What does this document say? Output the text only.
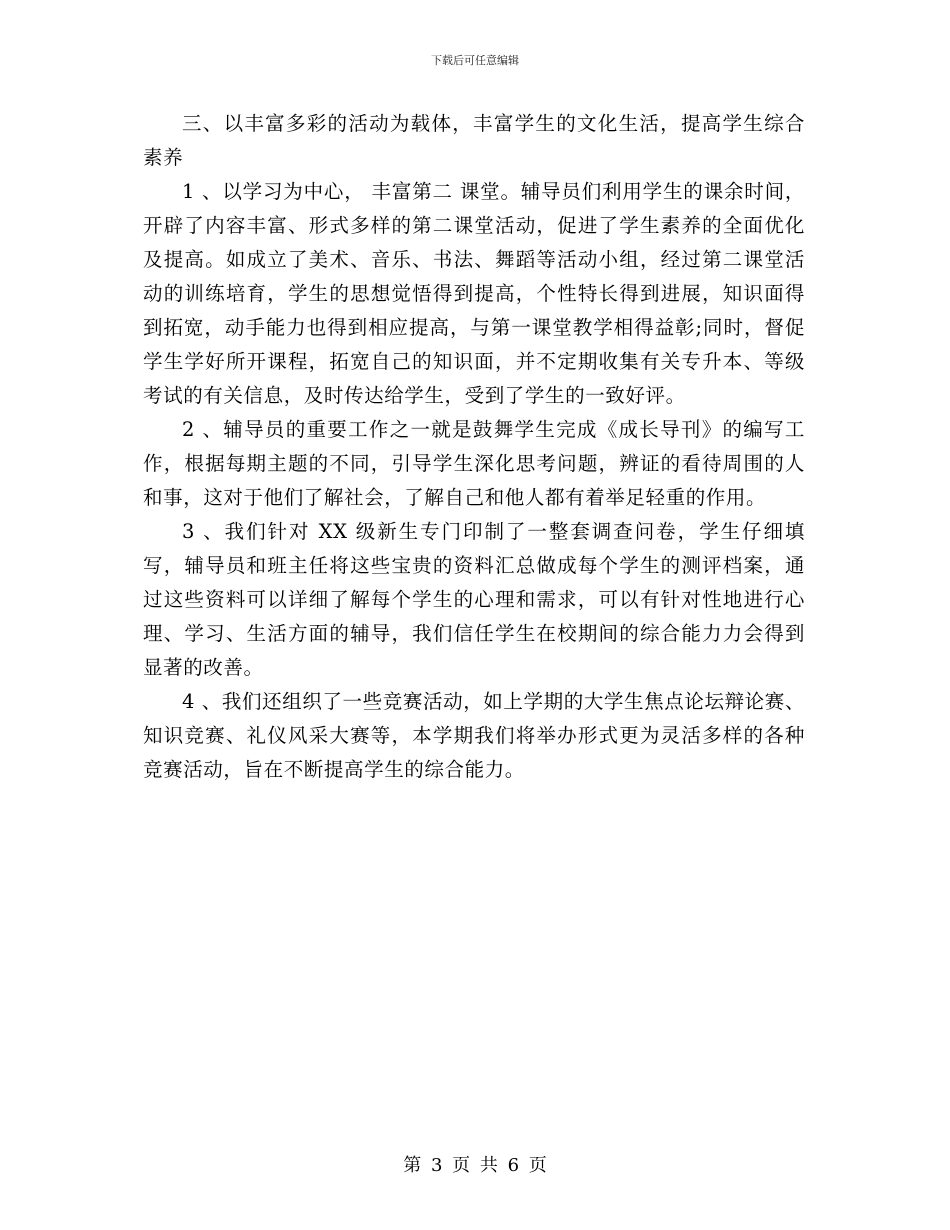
下载后可任意编辑

三、以丰富多彩的活动为载体，丰富学生的文化生活，提高学生综合素养

1 、以学习为中心， 丰富第二 课堂。辅导员们利用学生的课余时间，开辟了内容丰富、形式多样的第二课堂活动，促进了学生素养的全面优化及提高。如成立了美术、音乐、书法、舞蹈等活动小组，经过第二课堂活动的训练培育，学生的思想觉悟得到提高，个性特长得到进展，知识面得到拓宽，动手能力也得到相应提高，与第一课堂教学相得益彰;同时，督促学生学好所开课程，拓宽自己的知识面，并不定期收集有关专升本、等级考试的有关信息，及时传达给学生，受到了学生的一致好评。

2 、辅导员的重要工作之一就是鼓舞学生完成《成长导刊》的编写工作，根据每期主题的不同，引导学生深化思考问题，辨证的看待周围的人和事，这对于他们了解社会，了解自己和他人都有着举足轻重的作用。

3 、我们针对 XX 级新生专门印制了一整套调查问卷，学生仔细填写，辅导员和班主任将这些宝贵的资料汇总做成每个学生的测评档案，通过这些资料可以详细了解每个学生的心理和需求，可以有针对性地进行心理、学习、生活方面的辅导，我们信任学生在校期间的综合能力力会得到显著的改善。

4 、我们还组织了一些竞赛活动，如上学期的大学生焦点论坛辩论赛、知识竞赛、礼仪风采大赛等，本学期我们将举办形式更为灵活多样的各种竞赛活动，旨在不断提高学生的综合能力。

第 3 页 共 6 页
